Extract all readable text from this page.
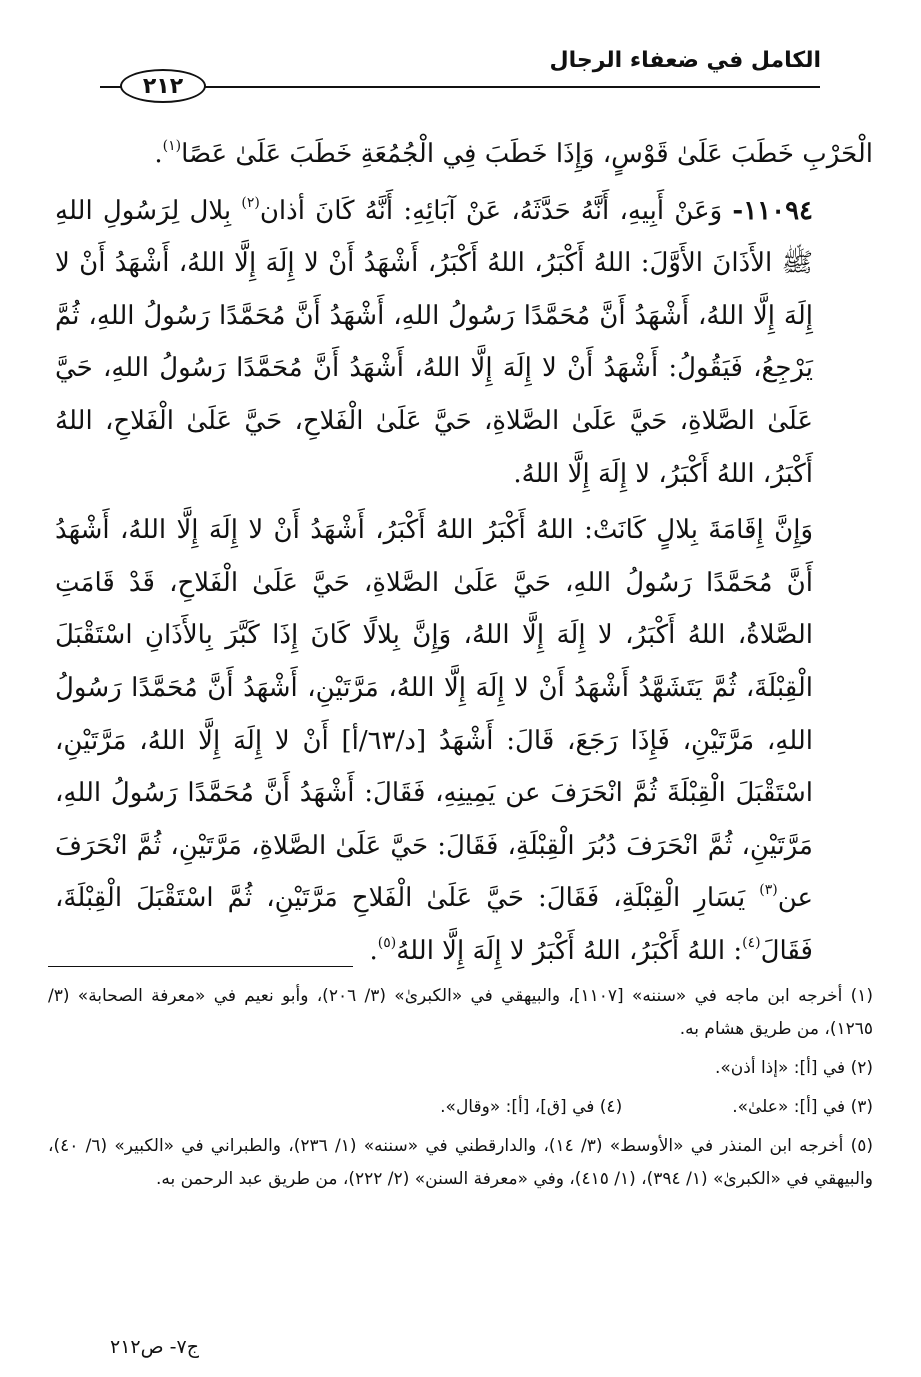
الكامل في ضعفاء الرجال
٢١٢

الْحَرْبِ خَطَبَ عَلَىٰ قَوْسٍ، وَإِذَا خَطَبَ فِي الْجُمُعَةِ خَطَبَ عَلَىٰ عَصًا$^{(١)}$.

١١٠٩٤- وَعَنْ أَبِيهِ، أَنَّهُ حَدَّثَهُ، عَنْ آبَائِهِ: أَنَّهُ كَانَ أذان$^{(٢)}$ بِلال لِرَسُولِ اللهِ ﷺ الأَذَانَ الأَوَّلَ: اللهُ أَكْبَرُ، اللهُ أَكْبَرُ، أَشْهَدُ أَنْ لا إِلَهَ إِلَّا اللهُ، أَشْهَدُ أَنْ لا إِلَهَ إِلَّا اللهُ، أَشْهَدُ أَنَّ مُحَمَّدًا رَسُولُ اللهِ، أَشْهَدُ أَنَّ مُحَمَّدًا رَسُولُ اللهِ، ثُمَّ يَرْجِعُ، فَيَقُولُ: أَشْهَدُ أَنْ لا إِلَهَ إِلَّا اللهُ، أَشْهَدُ أَنَّ مُحَمَّدًا رَسُولُ اللهِ، حَيَّ عَلَىٰ الصَّلاةِ، حَيَّ عَلَىٰ الصَّلاةِ، حَيَّ عَلَىٰ الْفَلاحِ، حَيَّ عَلَىٰ الْفَلاحِ، اللهُ أَكْبَرُ، اللهُ أَكْبَرُ، لا إِلَهَ إِلَّا اللهُ.

وَإِنَّ إِقَامَةَ بِلالٍ كَانَتْ: اللهُ أَكْبَرُ اللهُ أَكْبَرُ، أَشْهَدُ أَنْ لا إِلَهَ إِلَّا اللهُ، أَشْهَدُ أَنَّ مُحَمَّدًا رَسُولُ اللهِ، حَيَّ عَلَىٰ الصَّلاةِ، حَيَّ عَلَىٰ الْفَلاحِ، قَدْ قَامَتِ الصَّلاةُ، اللهُ أَكْبَرُ، لا إِلَهَ إِلَّا اللهُ، وَإِنَّ بِلالًا كَانَ إِذَا كَبَّرَ بِالأَذَانِ اسْتَقْبَلَ الْقِبْلَةَ، ثُمَّ يَتَشَهَّدُ أَشْهَدُ أَنْ لا إِلَهَ إِلَّا اللهُ، مَرَّتَيْنِ، أَشْهَدُ أَنَّ مُحَمَّدًا رَسُولُ اللهِ، مَرَّتَيْنِ، فَإِذَا رَجَعَ، قَالَ: أَشْهَدُ [د/٦٣/أ] أَنْ لا إِلَهَ إِلَّا اللهُ، مَرَّتَيْنِ، اسْتَقْبَلَ الْقِبْلَةَ ثُمَّ انْحَرَفَ عن يَمِينِهِ، فَقَالَ: أَشْهَدُ أَنَّ مُحَمَّدًا رَسُولُ اللهِ، مَرَّتَيْنِ، ثُمَّ انْحَرَفَ دُبُرَ الْقِبْلَةِ، فَقَالَ: حَيَّ عَلَىٰ الصَّلاةِ، مَرَّتَيْنِ، ثُمَّ انْحَرَفَ عن$^{(٣)}$ يَسَارِ الْقِبْلَةِ، فَقَالَ: حَيَّ عَلَىٰ الْفَلاحِ مَرَّتَيْنِ، ثُمَّ اسْتَقْبَلَ الْقِبْلَةَ، فَقَالَ$^{(٤)}$: اللهُ أَكْبَرُ، اللهُ أَكْبَرُ لا إِلَهَ إِلَّا اللهُ$^{(٥)}$.

(١) أخرجه ابن ماجه في «سننه» [١١٠٧]، والبيهقي في «الكبرىٰ» (٣/ ٢٠٦)، وأبو نعيم في «معرفة الصحابة» (٣/ ١٢٦٥)، من طريق هشام به.

(٢) في [أ]: «إذا أذن».

(٣) في [أ]: «علىٰ».
(٤) في [ق]، [أ]: «وقال».

(٥) أخرجه ابن المنذر في «الأوسط» (٣/ ١٤)، والدارقطني في «سننه» (١/ ٢٣٦)، والطبراني في «الكبير» (٦/ ٤٠)، والبيهقي في «الكبرىٰ» (١/ ٣٩٤)، (١/ ٤١٥)، وفي «معرفة السنن» (٢/ ٢٢٢)، من طريق عبد الرحمن به.

ج٧- ص٢١٢
